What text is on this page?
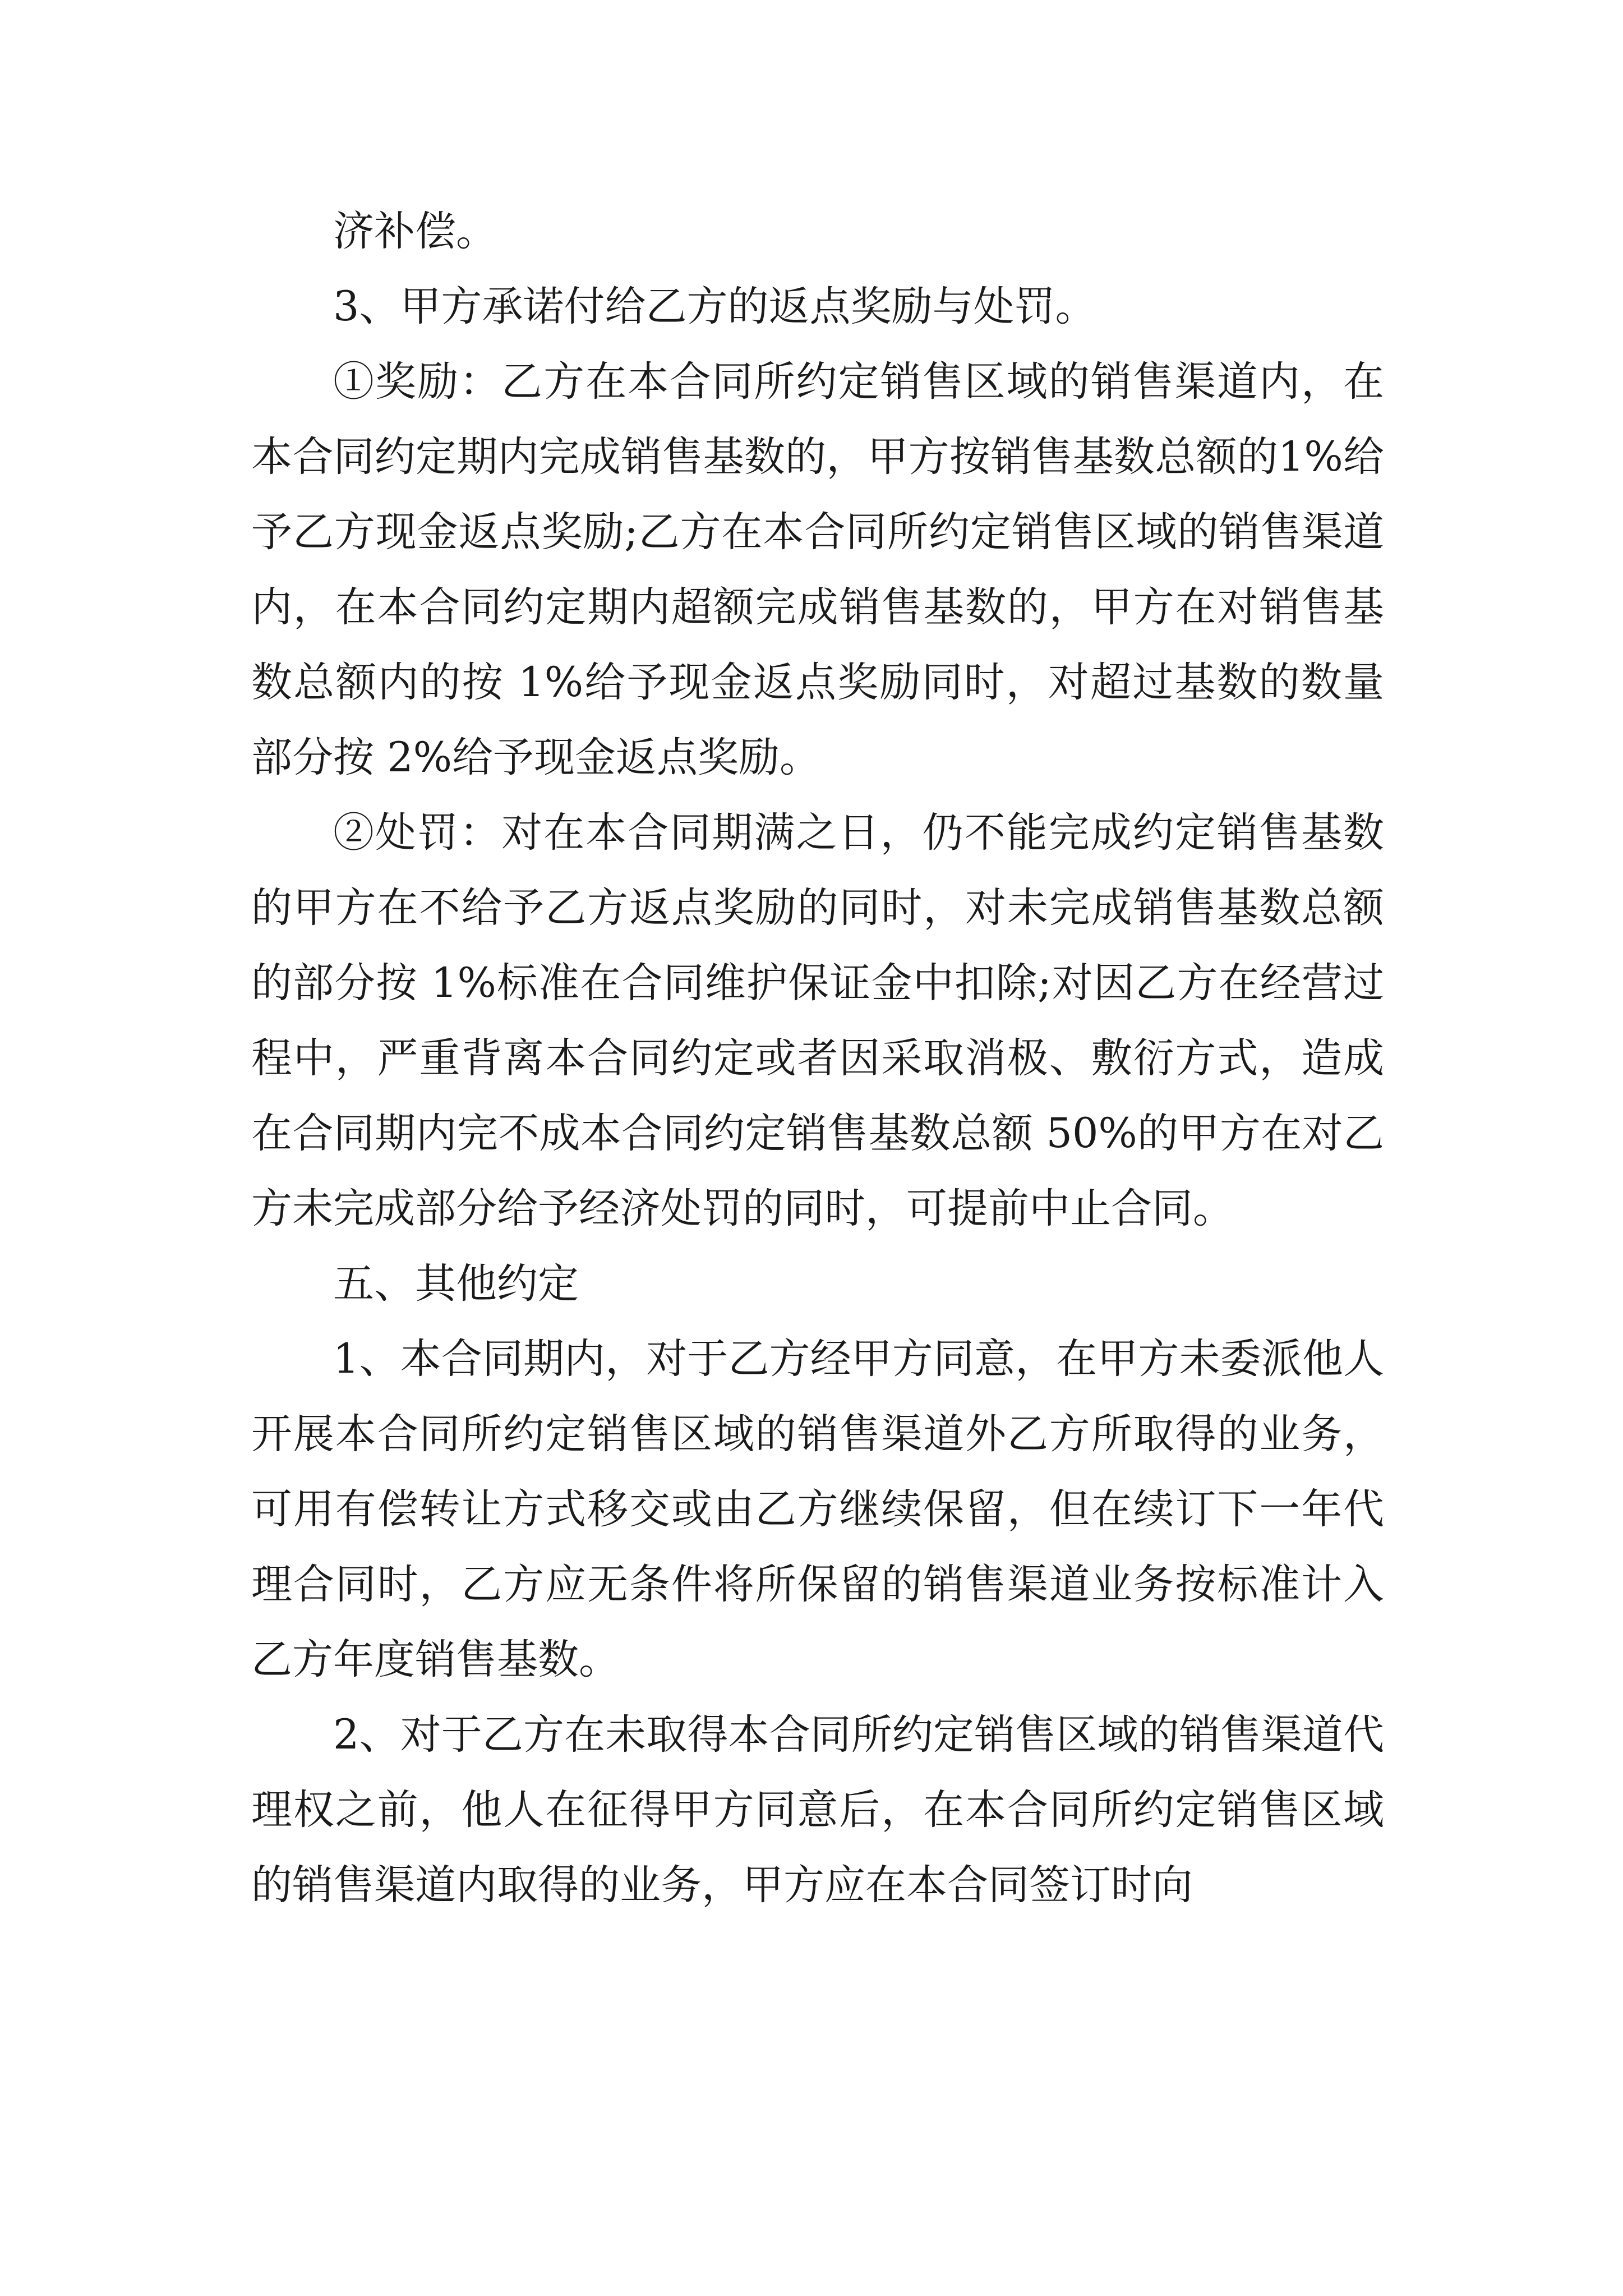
济补偿。

3、甲方承诺付给乙方的返点奖励与处罚。

①奖励：乙方在本合同所约定销售区域的销售渠道内，在本合同约定期内完成销售基数的，甲方按销售基数总额的1%给予乙方现金返点奖励;乙方在本合同所约定销售区域的销售渠道内，在本合同约定期内超额完成销售基数的，甲方在对销售基数总额内的按 1%给予现金返点奖励同时，对超过基数的数量部分按 2%给予现金返点奖励。

②处罚：对在本合同期满之日，仍不能完成约定销售基数的甲方在不给予乙方返点奖励的同时，对未完成销售基数总额的部分按 1%标准在合同维护保证金中扣除;对因乙方在经营过程中，严重背离本合同约定或者因采取消极、敷衍方式，造成在合同期内完不成本合同约定销售基数总额 50%的甲方在对乙方未完成部分给予经济处罚的同时，可提前中止合同。

五、其他约定

1、本合同期内，对于乙方经甲方同意，在甲方未委派他人开展本合同所约定销售区域的销售渠道外乙方所取得的业务，可用有偿转让方式移交或由乙方继续保留，但在续订下一年代理合同时，乙方应无条件将所保留的销售渠道业务按标准计入乙方年度销售基数。

2、对于乙方在未取得本合同所约定销售区域的销售渠道代理权之前，他人在征得甲方同意后，在本合同所约定销售区域的销售渠道内取得的业务，甲方应在本合同签订时向
